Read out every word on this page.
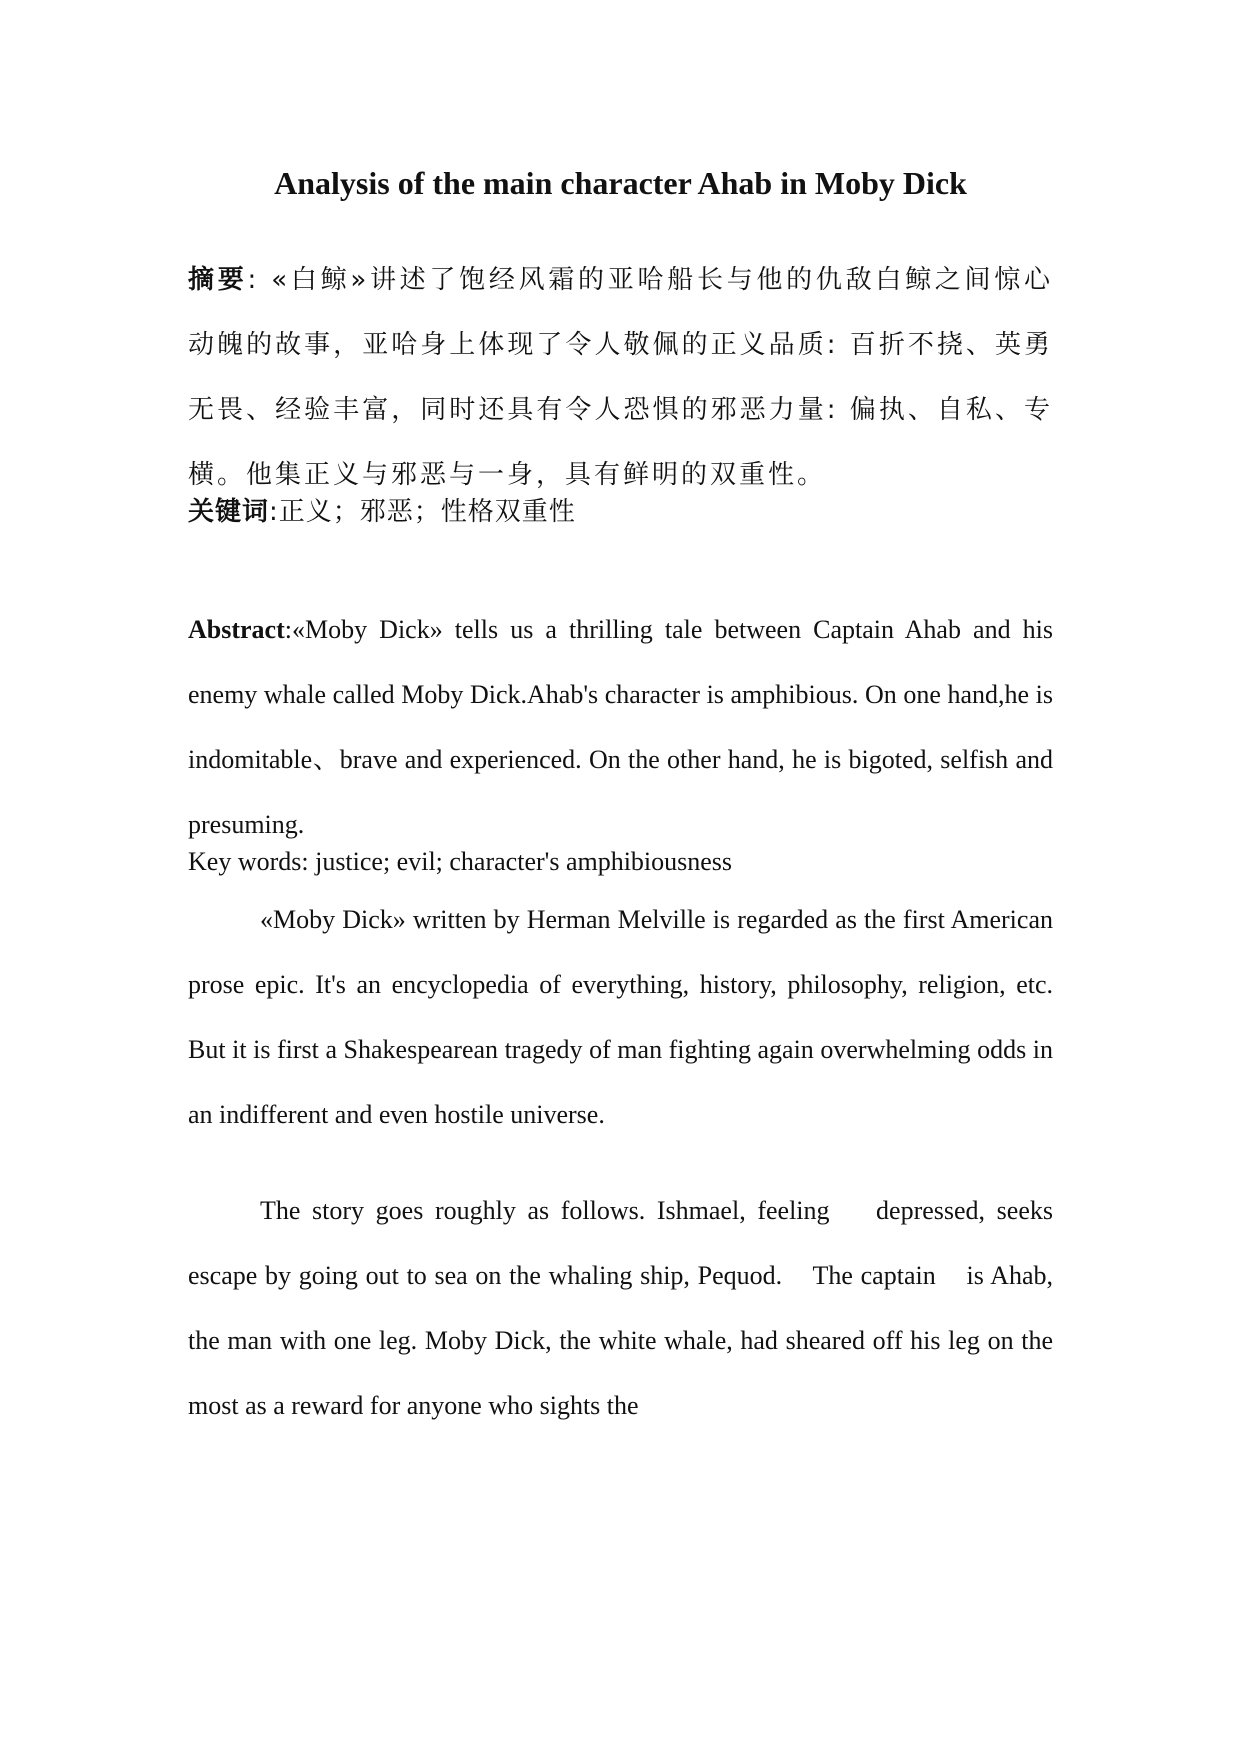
Analysis of the main character Ahab in Moby Dick

摘要: «白鲸»讲述了饱经风霜的亚哈船长与他的仇敌白鲸之间惊心动魄的故事，亚哈身上体现了令人敬佩的正义品质: 百折不挠、英勇无畏、经验丰富，同时还具有令人恐惧的邪恶力量: 偏执、自私、专横。他集正义与邪恶与一身，具有鲜明的双重性。

关键词:正义；邪恶；性格双重性

Abstract:«Moby Dick» tells us a thrilling tale between Captain Ahab and his enemy whale called Moby Dick.Ahab's character is amphibious. On one hand,he is indomitable、brave and experienced. On the other hand, he is bigoted, selfish and presuming.

Key words: justice; evil; character's amphibiousness

«Moby Dick» written by Herman Melville is regarded as the first American prose epic. It's an encyclopedia of everything, history, philosophy, religion, etc. But it is first a Shakespearean tragedy of man fighting again overwhelming odds in an indifferent and even hostile universe.

The story goes roughly as follows. Ishmael, feeling    depressed, seeks escape by going out to sea on the whaling ship, Pequod.    The captain    is Ahab, the man with one leg. Moby Dick, the white whale, had sheared off his leg on the most as a reward for anyone who sights the
